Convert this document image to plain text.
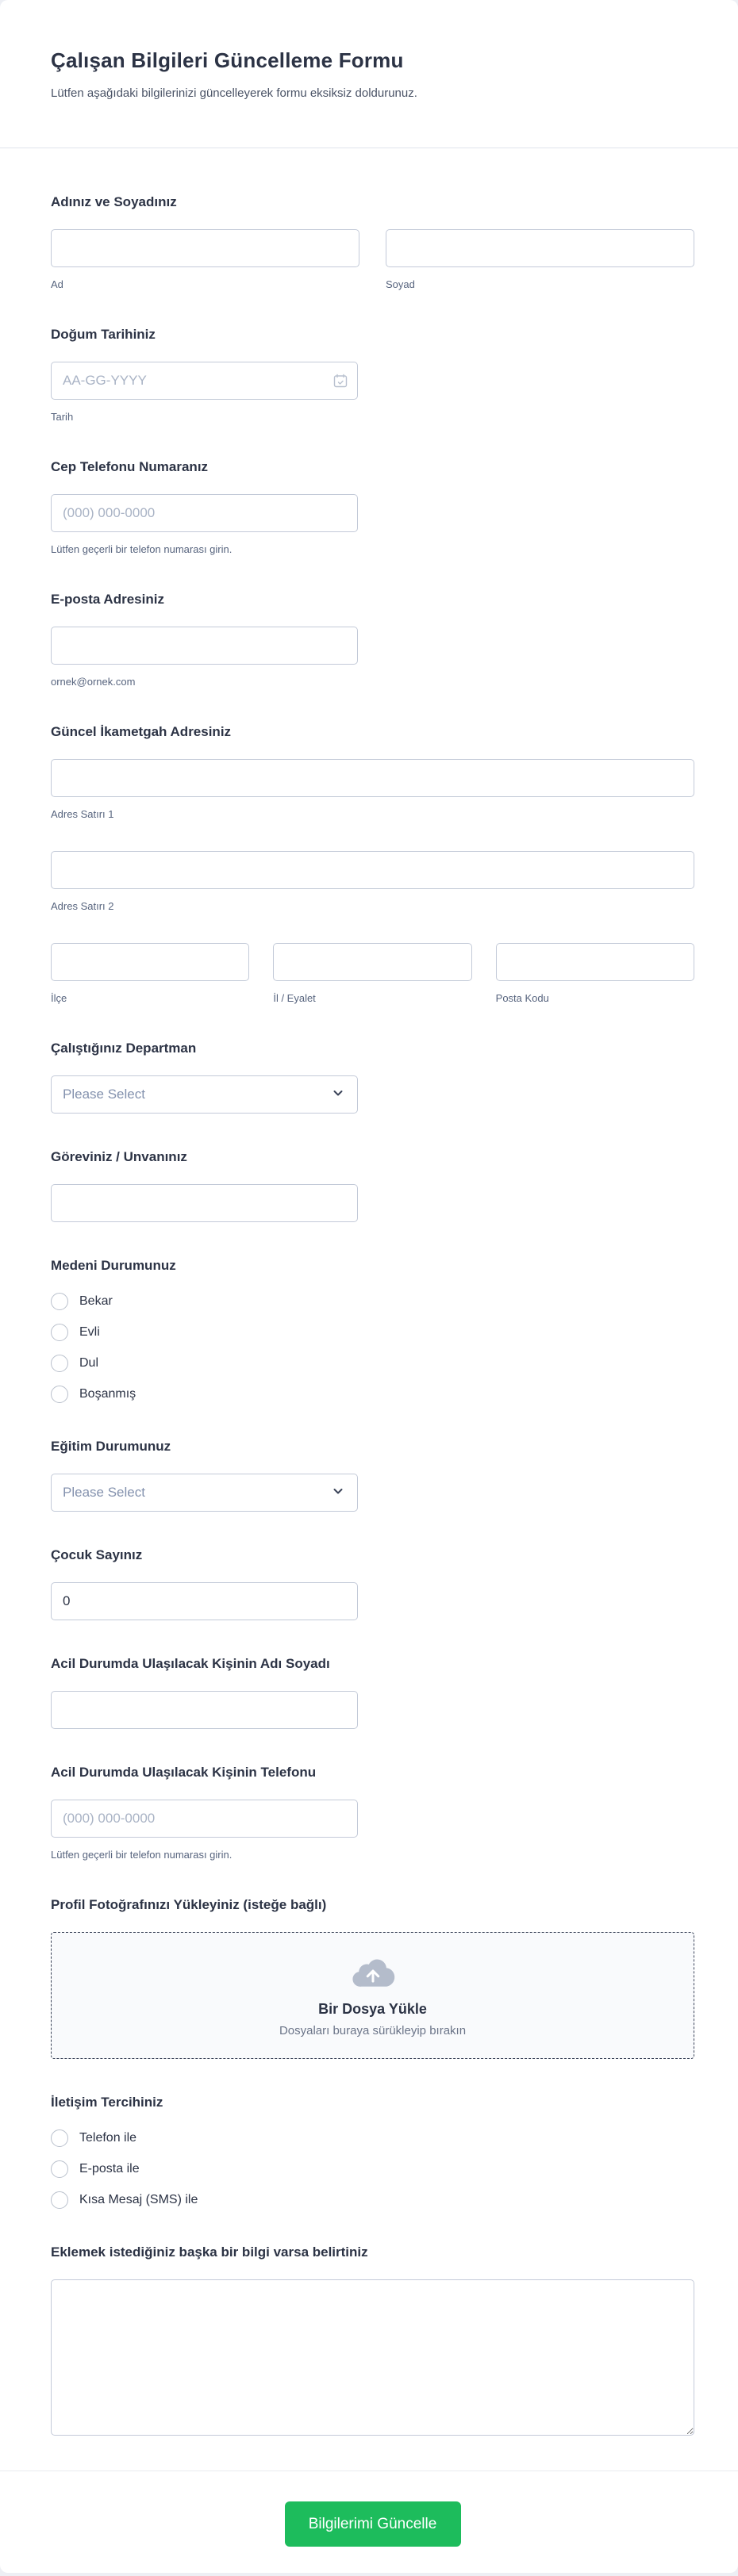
Çalışan Bilgileri Güncelleme Formu
Lütfen aşağıdaki bilgilerinizi güncelleyerek formu eksiksiz doldurunuz.
Adınız ve Soyadınız
Ad	Soyad
Doğum Tarihiniz
AA-GG-YYYY
Tarih
Cep Telefonu Numaranız
(000) 000-0000
Lütfen geçerli bir telefon numarası girin.
E-posta Adresiniz
ornek@ornek.com
Güncel İkametgah Adresiniz
Adres Satırı 1
Adres Satırı 2
İlçe	İl / Eyalet	Posta Kodu
Çalıştığınız Departman
Please Select
Göreviniz / Unvanınız
Medeni Durumunuz
Bekar
Evli
Dul
Boşanmış
Eğitim Durumunuz
Please Select
Çocuk Sayınız
0
Acil Durumda Ulaşılacak Kişinin Adı Soyadı
Acil Durumda Ulaşılacak Kişinin Telefonu
(000) 000-0000
Lütfen geçerli bir telefon numarası girin.
Profil Fotoğrafınızı Yükleyiniz (isteğe bağlı)
Bir Dosya Yükle
Dosyaları buraya sürükleyip bırakın
İletişim Tercihiniz
Telefon ile
E-posta ile
Kısa Mesaj (SMS) ile
Eklemek istediğiniz başka bir bilgi varsa belirtiniz
Bilgilerimi Güncelle
